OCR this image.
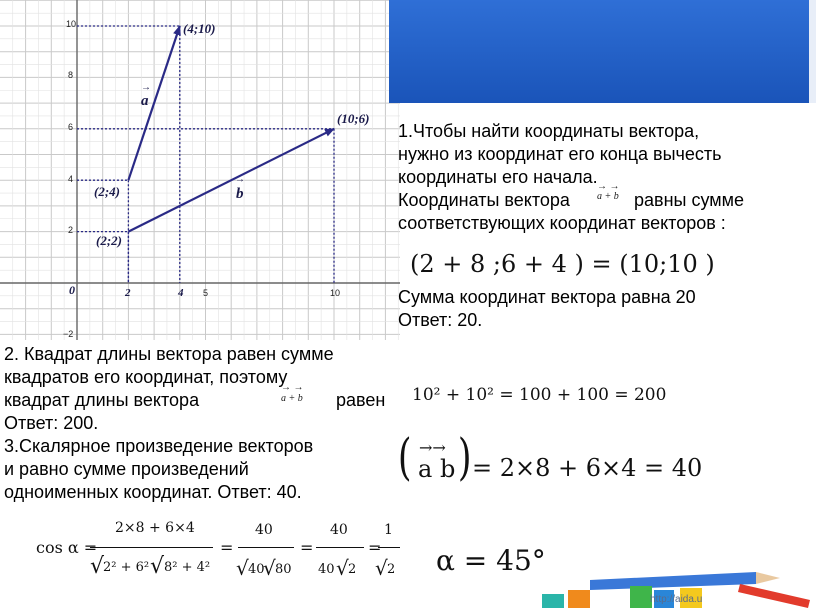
10
8
6
4
2
−2
0	2	4 5	10
(4;10)
(10;6)
(2;4)
(2;2)
→
a
→
b
1.Чтобы найти координаты вектора,
нужно из координат его конца вычесть
координаты его начала.
Координаты вектора
→ →
a + b равны сумме
соответствующих координат векторов :
(2 + 8 ;6 + 4 ) = (10;10 )
Сумма координат вектора равна 20
Ответ: 20.
2. Квадрат длины вектора равен сумме
квадратов его координат, поэтому
квадрат длины вектора
→ →
a + b равен
Ответ: 200.
3.Скалярное произведение векторов
и равно сумме произведений
одноименных координат. Ответ: 40.
10² + 10² = 100 + 100 = 200
( →→
a b ) = 2×8 + 6×4 = 40
cos α =
2×8 + 6×4
2² + 6² 8² + 4²
√ √
=
40
√ 40
√ 80
=
40
40 √ 2
=
1
√ 2 α = 45°
http://aida.u
